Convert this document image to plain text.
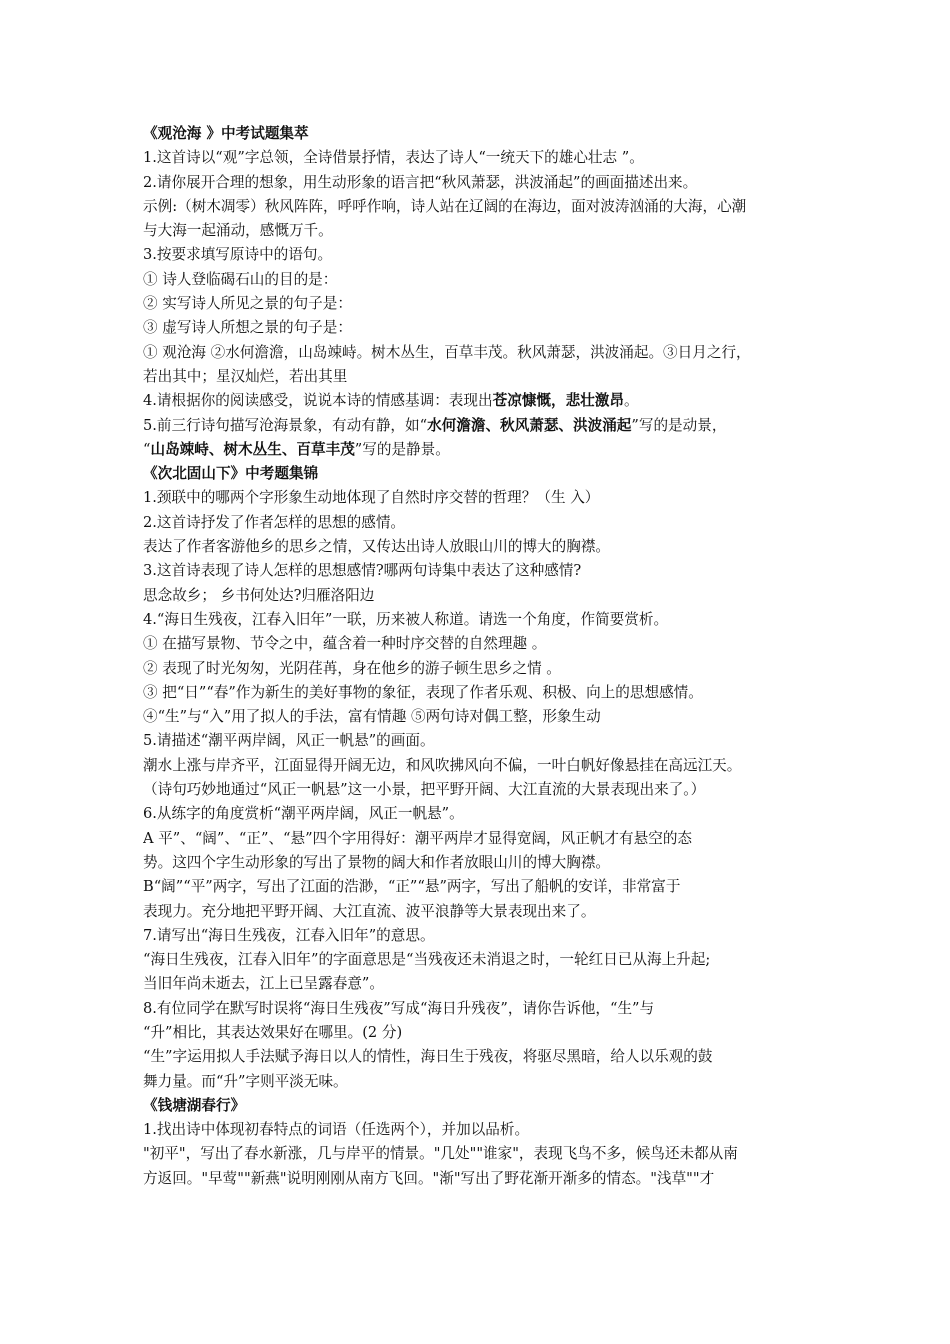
《观沧海 》中考试题集萃
1.这首诗以“观”字总领，全诗借景抒情，表达了诗人“一统天下的雄心壮志 ”。
2.请你展开合理的想象，用生动形象的语言把“秋风萧瑟，洪波涌起”的画面描述出来。
示例:（树木凋零）秋风阵阵，呼呼作响，诗人站在辽阔的在海边，面对波涛汹涌的大海，心潮
与大海一起涌动，感慨万千。
3.按要求填写原诗中的语句。
① 诗人登临碣石山的目的是：
② 实写诗人所见之景的句子是：
③ 虚写诗人所想之景的句子是：
① 观沧海 ②水何澹澹，山岛竦峙。树木丛生，百草丰茂。秋风萧瑟，洪波涌起。③日月之行，
若出其中；星汉灿烂，若出其里
4.请根据你的阅读感受，说说本诗的情感基调：表现出苍凉慷慨，悲壮激昂。
5.前三行诗句描写沧海景象，有动有静，如“水何澹澹、秋风萧瑟、洪波涌起”写的是动景，
“山岛竦峙、树木丛生、百草丰茂”写的是静景。
《次北固山下》中考题集锦
1.颈联中的哪两个字形象生动地体现了自然时序交替的哲理？（生 入）
2.这首诗抒发了作者怎样的思想的感情。
表达了作者客游他乡的思乡之情，又传达出诗人放眼山川的博大的胸襟。
3.这首诗表现了诗人怎样的思想感情?哪两句诗集中表达了这种感情?
思念故乡； 乡书何处达?归雁洛阳边
4.“海日生残夜，江春入旧年”一联，历来被人称道。请选一个角度，作简要赏析。
① 在描写景物、节令之中，蕴含着一种时序交替的自然理趣 。
② 表现了时光匆匆，光阴荏苒，身在他乡的游子顿生思乡之情 。
③ 把“日”“春”作为新生的美好事物的象征，表现了作者乐观、积极、向上的思想感情。
④“生”与“入”用了拟人的手法，富有情趣 ⑤两句诗对偶工整，形象生动
5.请描述“潮平两岸阔，风正一帆悬”的画面。
潮水上涨与岸齐平，江面显得开阔无边，和风吹拂风向不偏，一叶白帆好像悬挂在高远江天。
（诗句巧妙地通过“风正一帆悬”这一小景，把平野开阔、大江直流的大景表现出来了。）
6.从练字的角度赏析“潮平两岸阔，风正一帆悬”。
A 平”、“阔”、“正”、“悬”四个字用得好：潮平两岸才显得宽阔，风正帆才有悬空的态
势。这四个字生动形象的写出了景物的阔大和作者放眼山川的博大胸襟。
B“阔”“平”两字，写出了江面的浩渺，“正”“悬”两字，写出了船帆的安详，非常富于
表现力。充分地把平野开阔、大江直流、波平浪静等大景表现出来了。
7.请写出“海日生残夜，江春入旧年”的意思。
“海日生残夜，江春入旧年”的字面意思是“当残夜还未消退之时，一轮红日已从海上升起;
当旧年尚未逝去，江上已呈露春意”。
8.有位同学在默写时误将“海日生残夜”写成“海日升残夜”，请你告诉他，“生”与
“升”相比，其表达效果好在哪里。(2 分)
“生”字运用拟人手法赋予海日以人的情性，海日生于残夜，将驱尽黑暗，给人以乐观的鼓
舞力量。而“升”字则平淡无味。
《钱塘湖春行》
1.找出诗中体现初春特点的词语（任选两个），并加以品析。
"初平"，写出了春水新涨，几与岸平的情景。"几处""谁家"，表现飞鸟不多，候鸟还未都从南
方返回。"早莺""新燕"说明刚刚从南方飞回。"渐"写出了野花渐开渐多的情态。"浅草""才
